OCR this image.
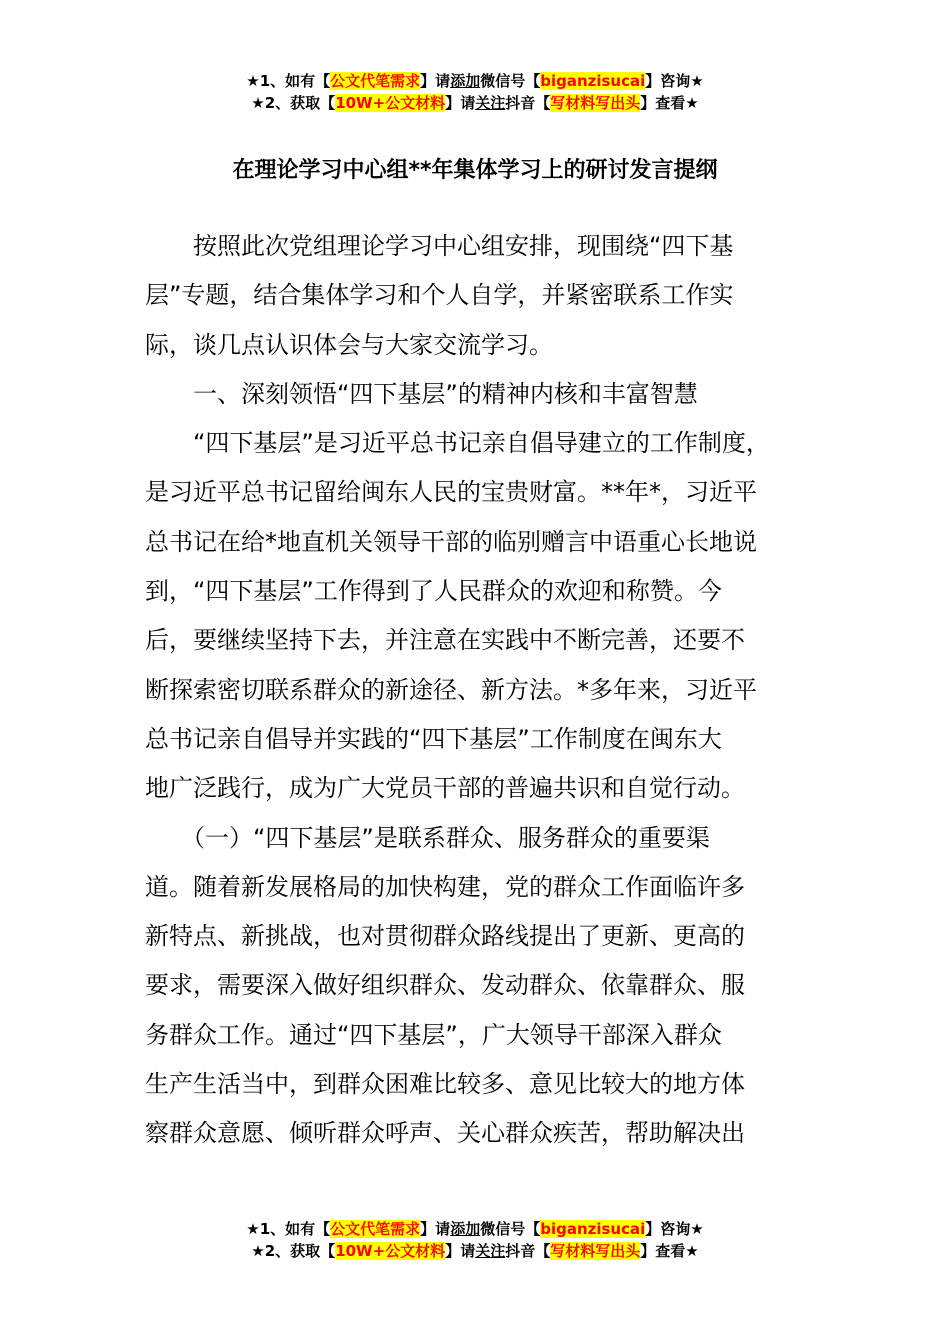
★1、如有【公文代笔需求】请添加微信号【biganzisucai】咨询★
★2、获取【10W+公文材料】请关注抖音【写材料写出头】查看★
在理论学习中心组**年集体学习上的研讨发言提纲
　　按照此次党组理论学习中心组安排，现围绕“四下基
层”专题，结合集体学习和个人自学，并紧密联系工作实
际，谈几点认识体会与大家交流学习。
　　一、深刻领悟“四下基层”的精神内核和丰富智慧
　　“四下基层”是习近平总书记亲自倡导建立的工作制度，
是习近平总书记留给闽东人民的宝贵财富。**年*，习近平
总书记在给*地直机关领导干部的临别赠言中语重心长地说
到，“四下基层”工作得到了人民群众的欢迎和称赞。今
后，要继续坚持下去，并注意在实践中不断完善，还要不
断探索密切联系群众的新途径、新方法。*多年来，习近平
总书记亲自倡导并实践的“四下基层”工作制度在闽东大
地广泛践行，成为广大党员干部的普遍共识和自觉行动。
　　（一）“四下基层”是联系群众、服务群众的重要渠
道。随着新发展格局的加快构建，党的群众工作面临许多
新特点、新挑战，也对贯彻群众路线提出了更新、更高的
要求，需要深入做好组织群众、发动群众、依靠群众、服
务群众工作。通过“四下基层”，广大领导干部深入群众
生产生活当中，到群众困难比较多、意见比较大的地方体
察群众意愿、倾听群众呼声、关心群众疾苦，帮助解决出
★1、如有【公文代笔需求】请添加微信号【biganzisucai】咨询★
★2、获取【10W+公文材料】请关注抖音【写材料写出头】查看★
